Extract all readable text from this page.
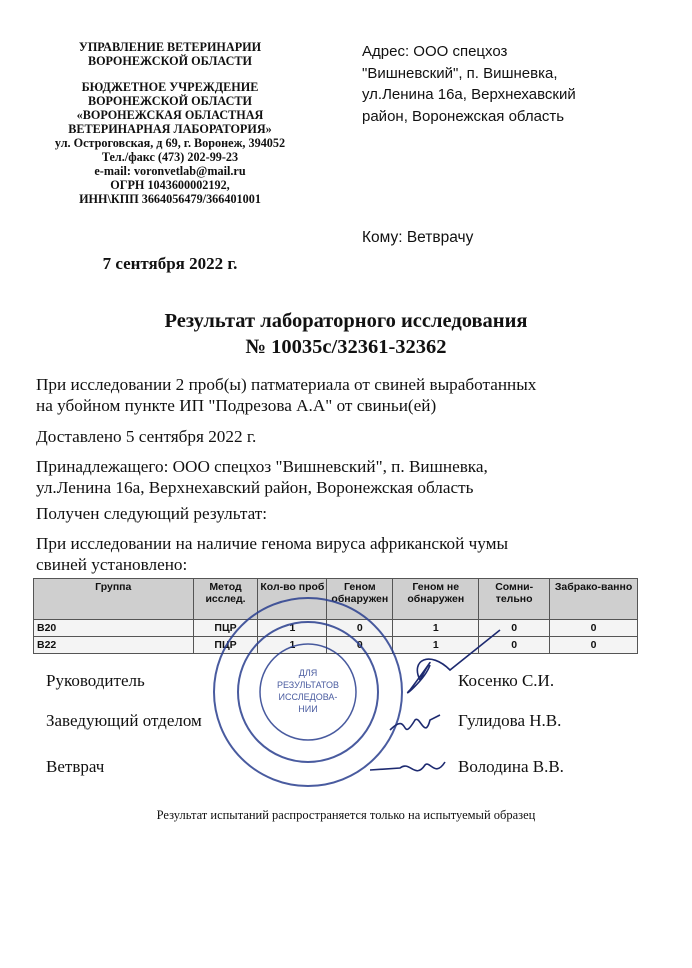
УПРАВЛЕНИЕ ВЕТЕРИНАРИИ
ВОРОНЕЖСКОЙ ОБЛАСТИ
БЮДЖЕТНОЕ УЧРЕЖДЕНИЕ
ВОРОНЕЖСКОЙ ОБЛАСТИ
«ВОРОНЕЖСКАЯ ОБЛАСТНАЯ
ВЕТЕРИНАРНАЯ ЛАБОРАТОРИЯ»
ул. Остроговская, д 69, г. Воронеж, 394052
Тел./факс (473) 202-99-23
e-mail: voronvetlab@mail.ru
ОГРН 1043600002192,
ИНН\КПП 3664056479/366401001
Адрес: ООО спецхоз
"Вишневский", п. Вишневка,
ул.Ленина 16а, Верхнехавский
район, Воронежская область
Кому: Ветврачу
7 сентября 2022 г.
Результат лабораторного исследования
№ 10035с/32361-32362
При исследовании 2 проб(ы) патматериала от свиней выработанных
на убойном пункте ИП "Подрезова А.А" от свиньи(ей)
Доставлено 5 сентября 2022 г.
Принадлежащего: ООО спецхоз "Вишневский", п. Вишневка,
ул.Ленина 16а, Верхнехавский район, Воронежская область
Получен следующий результат:
При исследовании на наличие генома вируса африканской чумы
свиней установлено:
Группа	Метод исслед.	Кол-во проб	Геном обнаружен	Геном не обнаружен	Сомни-тельно	Забрако-ванно
B20	ПЦР	1	0	1	0	0
B22	ПЦР	1	0	1	0	0
Руководитель	Косенко С.И.
Заведующий отделом	Гулидова Н.В.
Ветврач	Володина В.В.
ДЛЯ
РЕЗУЛЬТАТОВ
ИССЛЕДОВА-
НИИ
Результат испытаний распространяется только на испытуемый образец
